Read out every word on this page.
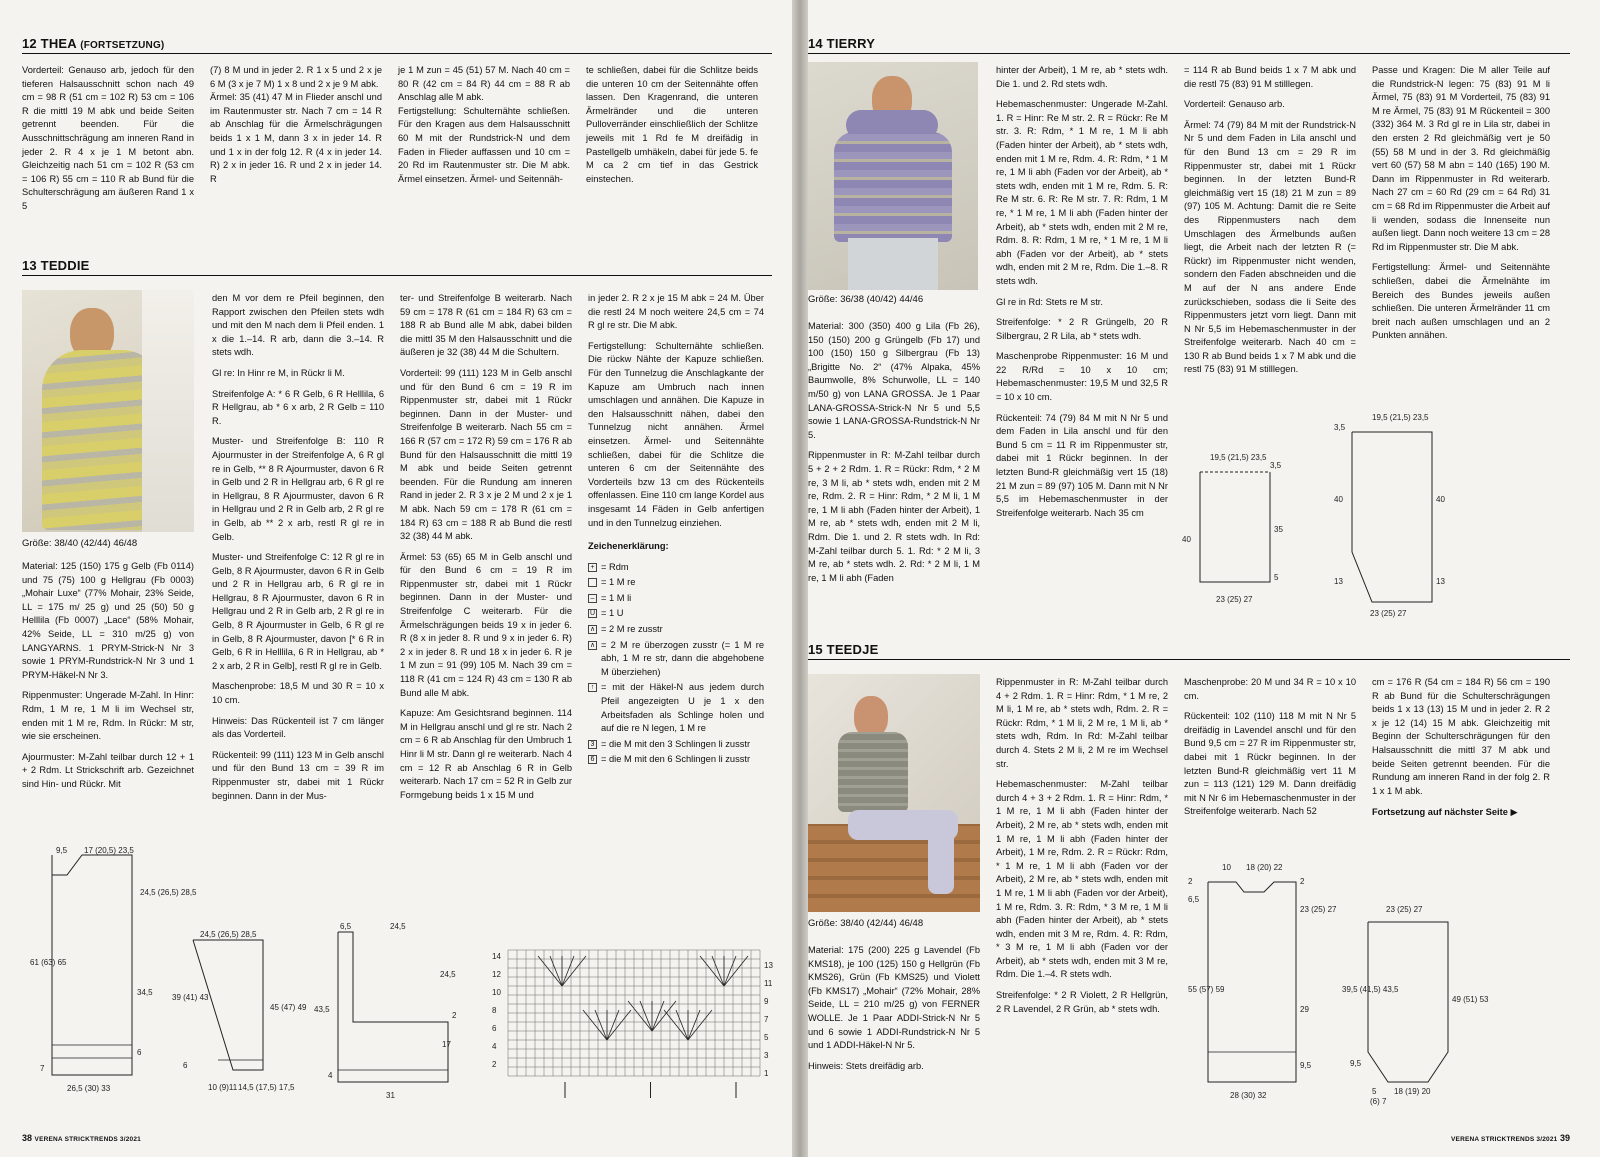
12 THEA (FORTSETZUNG)

Vorderteil: Genauso arb, jedoch für den tieferen Halsausschnitt schon nach 49 cm = 98 R (51 cm = 102 R) 53 cm = 106 R die mittl 19 M abk und beide Seiten getrennt beenden. Für die Ausschnittschrägung am inneren Rand in jeder 2. R 4 x je 1 M betont abn. Gleichzeitig nach 51 cm = 102 R (53 cm = 106 R) 55 cm = 110 R ab Bund für die Schulterschrägung am äußeren Rand 1 x 5

(7) 8 M und in jeder 2. R 1 x 5 und 2 x je 6 M (3 x je 7 M) 1 x 8 und 2 x je 9 M abk.
Ärmel: 35 (41) 47 M in Flieder anschl und im Rautenmuster str. Nach 7 cm = 14 R ab Anschlag für die Ärmelschrägungen beids 1 x 1 M, dann 3 x in jeder 14. R und 1 x in der folg 12. R (4 x in jeder 14. R) 2 x in jeder 16. R und 2 x in jeder 14. R

je 1 M zun = 45 (51) 57 M. Nach 40 cm = 80 R (42 cm = 84 R) 44 cm = 88 R ab Anschlag alle M abk.
Fertigstellung: Schulternähte schließen. Für den Kragen aus dem Halsausschnitt 60 M mit der Rundstrick-N und dem Faden in Flieder auffassen und 10 cm = 20 Rd im Rautenmuster str. Die M abk. Ärmel einsetzen. Ärmel- und Seitennäh-

te schließen, dabei für die Schlitze beids die unteren 10 cm der Seitennähte offen lassen. Den Kragenrand, die unteren Ärmelränder und die unteren Pulloverränder einschließlich der Schlitze jeweils mit 1 Rd fe M dreifädig in Pastellgelb umhäkeln, dabei für jede 5. fe M ca 2 cm tief in das Gestrick einstechen.

13 TEDDIE
Größe: 38/40 (42/44) 46/48

Material: 125 (150) 175 g Gelb (Fb 0114) und 75 (75) 100 g Hellgrau (Fb 0003) „Mohair Luxe“ (77% Mohair, 23% Seide, LL = 175 m/ 25 g) und 25 (50) 50 g Helllila (Fb 0007) „Lace“ (58% Mohair, 42% Seide, LL = 310 m/25 g) von LANGYARNS. 1 PRYM-Strick-N Nr 3 sowie 1 PRYM-Rundstrick-N Nr 3 und 1 PRYM-Häkel-N Nr 3.

Rippenmuster: Ungerade M-Zahl. In Hinr: Rdm, 1 M re, 1 M li im Wechsel str, enden mit 1 M re, Rdm. In Rückr: M str, wie sie erscheinen.

Ajourmuster: M-Zahl teilbar durch 12 + 1 + 2 Rdm. Lt Strickschrift arb. Gezeichnet sind Hin- und Rückr. Mit

den M vor dem re Pfeil beginnen, den Rapport zwischen den Pfeilen stets wdh und mit den M nach dem li Pfeil enden. 1 x die 1.–14. R arb, dann die 3.–14. R stets wdh.

Gl re: In Hinr re M, in Rückr li M.

Streifenfolge A: * 6 R Gelb, 6 R Helllila, 6 R Hellgrau, ab * 6 x arb, 2 R Gelb = 110 R.

Muster- und Streifenfolge B: 110 R Ajourmuster in der Streifenfolge A, 6 R gl re in Gelb, ** 8 R Ajourmuster, davon 6 R in Gelb und 2 R in Hellgrau arb, 6 R gl re in Hellgrau, 8 R Ajourmuster, davon 6 R in Hellgrau und 2 R in Gelb arb, 2 R gl re in Gelb, ab ** 2 x arb, restl R gl re in Gelb.

Muster- und Streifenfolge C: 12 R gl re in Gelb, 8 R Ajourmuster, davon 6 R in Gelb und 2 R in Hellgrau arb, 6 R gl re in Hellgrau, 8 R Ajourmuster, davon 6 R in Hellgrau und 2 R in Gelb arb, 2 R gl re in Gelb, 8 R Ajourmuster in Gelb, 6 R gl re in Gelb, 8 R Ajourmuster, davon [* 6 R in Gelb, 6 R in Helllila, 6 R in Hellgrau, ab * 2 x arb, 2 R in Gelb], restl R gl re in Gelb.

Maschenprobe: 18,5 M und 30 R = 10 x 10 cm.

Hinweis: Das Rückenteil ist 7 cm länger als das Vorderteil.

Rückenteil: 99 (111) 123 M in Gelb anschl und für den Bund 13 cm = 39 R im Rippenmuster str, dabei mit 1 Rückr beginnen. Dann in der Mus-

ter- und Streifenfolge B weiterarb. Nach 59 cm = 178 R (61 cm = 184 R) 63 cm = 188 R ab Bund alle M abk, dabei bilden die mittl 35 M den Halsausschnitt und die äußeren je 32 (38) 44 M die Schultern.

Vorderteil: 99 (111) 123 M in Gelb anschl und für den Bund 6 cm = 19 R im Rippenmuster str, dabei mit 1 Rückr beginnen. Dann in der Muster- und Streifenfolge B weiterarb. Nach 55 cm = 166 R (57 cm = 172 R) 59 cm = 176 R ab Bund für den Halsausschnitt die mittl 19 M abk und beide Seiten getrennt beenden. Für die Rundung am inneren Rand in jeder 2. R 3 x je 2 M und 2 x je 1 M abk. Nach 59 cm = 178 R (61 cm = 184 R) 63 cm = 188 R ab Bund die restl 32 (38) 44 M abk.

Ärmel: 53 (65) 65 M in Gelb anschl und für den Bund 6 cm = 19 R im Rippenmuster str, dabei mit 1 Rückr beginnen. Dann in der Muster- und Streifenfolge C weiterarb. Für die Ärmelschrägungen beids 19 x in jeder 6. R (8 x in jeder 8. R und 9 x in jeder 6. R) 2 x in jeder 8. R und 18 x in jeder 6. R je 1 M zun = 91 (99) 105 M. Nach 39 cm = 118 R (41 cm = 124 R) 43 cm = 130 R ab Bund alle M abk.

Kapuze: Am Gesichtsrand beginnen. 114 M in Hellgrau anschl und gl re str. Nach 2 cm = 6 R ab Anschlag für den Umbruch 1 Hinr li M str. Dann gl re weiterarb. Nach 4 cm = 12 R ab Anschlag 6 R in Gelb weiterarb. Nach 17 cm = 52 R in Gelb zur Formgebung beids 1 x 15 M und

in jeder 2. R 2 x je 15 M abk = 24 M. Über die restl 24 M noch weitere 24,5 cm = 74 R gl re str. Die M abk.

Fertigstellung: Schulternähte schließen. Die rückw Nähte der Kapuze schließen. Für den Tunnelzug die Anschlagkante der Kapuze am Umbruch nach innen umschlagen und annähen. Die Kapuze in den Halsausschnitt nähen, dabei den Tunnelzug nicht annähen. Ärmel einsetzen. Ärmel- und Seitennähte schließen, dabei für die Schlitze die unteren 6 cm der Seitennähte des Vorderteils bzw 13 cm des Rückenteils offenlassen. Eine 110 cm lange Kordel aus insgesamt 14 Fäden in Gelb anfertigen und in den Tunnelzug einziehen.

Zeichenerklärung:

+ = Rdm
= 1 M re
– = 1 M li
U = 1 U
∧ = 2 M re zusstr
∧ = 2 M re überzogen zusstr (= 1 M re abh, 1 M re str, dann die abgehobene M überziehen)
↑ = mit der Häkel-N aus jedem durch Pfeil angezeigten U je 1 x den Arbeitsfaden als Schlinge holen und auf die re N legen, 1 M re
3 = die M mit den 3 Schlingen li zusstr
6 = die M mit den 6 Schlingen li zusstr
9,5 17 (20,5) 23,5
24,5 (26,5) 28,5
61 (63) 65
34,5
6
7
26,5 (30) 33
24,5 (26,5) 28,5
39 (41) 43
45 (47) 49
6
10 (9)11 14,5 (17,5) 17,5
6,5	24,5
24,5
43,5
2
17
4
31
14
12
10
8
6
4
2
13
11
9
7
5
3
1
38 VERENA STRICKTRENDS 3/2021
14 TIERRY
Größe: 36/38 (40/42) 44/46

Material: 300 (350) 400 g Lila (Fb 26), 150 (150) 200 g Grüngelb (Fb 17) und 100 (150) 150 g Silbergrau (Fb 13) „Brigitte No. 2“ (47% Alpaka, 45% Baumwolle, 8% Schurwolle, LL = 140 m/50 g) von LANA GROSSA. Je 1 Paar LANA-GROSSA-Strick-N Nr 5 und 5,5 sowie 1 LANA-GROSSA-Rundstrick-N Nr 5.

Rippenmuster in R: M-Zahl teilbar durch 5 + 2 + 2 Rdm. 1. R = Rückr: Rdm, * 2 M re, 3 M li, ab * stets wdh, enden mit 2 M re, Rdm. 2. R = Hinr: Rdm, * 2 M li, 1 M re, 1 M li abh (Faden hinter der Arbeit), 1 M re, ab * stets wdh, enden mit 2 M li, Rdm. Die 1. und 2. R stets wdh. In Rd: M-Zahl teilbar durch 5. 1. Rd: * 2 M li, 3 M re, ab * stets wdh. 2. Rd: * 2 M li, 1 M re, 1 M li abh (Faden

hinter der Arbeit), 1 M re, ab * stets wdh. Die 1. und 2. Rd stets wdh.

Hebemaschenmuster: Ungerade M-Zahl. 1. R = Hinr: Re M str. 2. R = Rückr: Re M str. 3. R: Rdm, * 1 M re, 1 M li abh (Faden hinter der Arbeit), ab * stets wdh, enden mit 1 M re, Rdm. 4. R: Rdm, * 1 M re, 1 M li abh (Faden vor der Arbeit), ab * stets wdh, enden mit 1 M re, Rdm. 5. R: Re M str. 6. R: Re M str. 7. R: Rdm, 1 M re, * 1 M re, 1 M li abh (Faden hinter der Arbeit), ab * stets wdh, enden mit 2 M re, Rdm. 8. R: Rdm, 1 M re, * 1 M re, 1 M li abh (Faden vor der Arbeit), ab * stets wdh, enden mit 2 M re, Rdm. Die 1.–8. R stets wdh.

Gl re in Rd: Stets re M str.

Streifenfolge: * 2 R Grüngelb, 20 R Silbergrau, 2 R Lila, ab * stets wdh.

Maschenprobe Rippenmuster: 16 M und 22 R/Rd = 10 x 10 cm; Hebemaschenmuster: 19,5 M und 32,5 R = 10 x 10 cm.

Rückenteil: 74 (79) 84 M mit N Nr 5 und dem Faden in Lila anschl und für den Bund 5 cm = 11 R im Rippenmuster str, dabei mit 1 Rückr beginnen. In der letzten Bund-R gleichmäßig vert 15 (18) 21 M zun = 89 (97) 105 M. Dann mit N Nr 5,5 im Hebemaschenmuster in der Streifenfolge weiterarb. Nach 35 cm

= 114 R ab Bund beids 1 x 7 M abk und die restl 75 (83) 91 M stilllegen.

Vorderteil: Genauso arb.

Ärmel: 74 (79) 84 M mit der Rundstrick-N Nr 5 und dem Faden in Lila anschl und für den Bund 13 cm = 29 R im Rippenmuster str, dabei mit 1 Rückr beginnen. In der letzten Bund-R gleichmäßig vert 15 (18) 21 M zun = 89 (97) 105 M. Achtung: Damit die re Seite des Rippenmusters nach dem Umschlagen des Ärmelbunds außen liegt, die Arbeit nach der letzten R (= Rückr) im Rippenmuster nicht wenden, sondern den Faden abschneiden und die M auf der N ans andere Ende zurückschieben, sodass die li Seite des Rippenmusters jetzt vorn liegt. Dann mit N Nr 5,5 im Hebemaschenmuster in der Streifenfolge weiterarb. Nach 40 cm = 130 R ab Bund beids 1 x 7 M abk und die restl 75 (83) 91 M stilllegen.

Passe und Kragen: Die M aller Teile auf die Rundstrick-N legen: 75 (83) 91 M li Ärmel, 75 (83) 91 M Vorderteil, 75 (83) 91 M re Ärmel, 75 (83) 91 M Rückenteil = 300 (332) 364 M. 3 Rd gl re in Lila str, dabei in den ersten 2 Rd gleichmäßig vert je 50 (55) 58 M und in der 3. Rd gleichmäßig vert 60 (57) 58 M abn = 140 (165) 190 M. Dann im Rippenmuster in Rd weiterarb. Nach 27 cm = 60 Rd (29 cm = 64 Rd) 31 cm = 68 Rd im Rippenmuster die Arbeit auf li wenden, sodass die Innenseite nun außen liegt. Dann noch weitere 13 cm = 28 Rd im Rippenmuster str. Die M abk.

Fertigstellung: Ärmel- und Seitennähte schließen, dabei die Ärmelnähte im Bereich des Bundes jeweils außen schließen. Die unteren Ärmelränder 11 cm breit nach außen umschlagen und an 2 Punkten annähen.

19,5 (21,5) 23,5
3,5
40
35
5
23 (25) 27
19,5 (21,5) 23,5
3,5
40	40
13	13
23 (25) 27
15 TEEDJE
Größe: 38/40 (42/44) 46/48

Material: 175 (200) 225 g Lavendel (Fb KMS18), je 100 (125) 150 g Hellgrün (Fb KMS26), Grün (Fb KMS25) und Violett (Fb KMS17) „Mohair“ (72% Mohair, 28% Seide, LL = 210 m/25 g) von FERNER WOLLE. Je 1 Paar ADDI-Strick-N Nr 5 und 6 sowie 1 ADDI-Rundstrick-N Nr 5 und 1 ADDI-Häkel-N Nr 5.

Hinweis: Stets dreifädig arb.

Rippenmuster in R: M-Zahl teilbar durch 4 + 2 Rdm. 1. R = Hinr: Rdm, * 1 M re, 2 M li, 1 M re, ab * stets wdh, Rdm. 2. R = Rückr: Rdm, * 1 M li, 2 M re, 1 M li, ab * stets wdh, Rdm. In Rd: M-Zahl teilbar durch 4. Stets 2 M li, 2 M re im Wechsel str.

Hebemaschenmuster: M-Zahl teilbar durch 4 + 3 + 2 Rdm. 1. R = Hinr: Rdm, * 1 M re, 1 M li abh (Faden hinter der Arbeit), 2 M re, ab * stets wdh, enden mit 1 M re, 1 M li abh (Faden hinter der Arbeit), 1 M re, Rdm. 2. R = Rückr: Rdm, * 1 M re, 1 M li abh (Faden vor der Arbeit), 2 M re, ab * stets wdh, enden mit 1 M re, 1 M li abh (Faden vor der Arbeit), 1 M re, Rdm. 3. R: Rdm, * 3 M re, 1 M li abh (Faden hinter der Arbeit), ab * stets wdh, enden mit 3 M re, Rdm. 4. R: Rdm, * 3 M re, 1 M li abh (Faden vor der Arbeit), ab * stets wdh, enden mit 3 M re, Rdm. Die 1.–4. R stets wdh.

Streifenfolge: * 2 R Violett, 2 R Hellgrün, 2 R Lavendel, 2 R Grün, ab * stets wdh.

Maschenprobe: 20 M und 34 R = 10 x 10 cm.

Rückenteil: 102 (110) 118 M mit N Nr 5 dreifädig in Lavendel anschl und für den Bund 9,5 cm = 27 R im Rippenmuster str, dabei mit 1 Rückr beginnen. In der letzten Bund-R gleichmäßig vert 11 M zun = 113 (121) 129 M. Dann dreifädig mit N Nr 6 im Hebemaschenmuster in der Streifenfolge weiterarb. Nach 52

cm = 176 R (54 cm = 184 R) 56 cm = 190 R ab Bund für die Schulterschrägungen beids 1 x 13 (13) 15 M und in jeder 2. R 2 x je 12 (14) 15 M abk. Gleichzeitig mit Beginn der Schulterschrägungen für den Halsausschnitt die mittl 37 M abk und beide Seiten getrennt beenden. Für die Rundung am inneren Rand in der folg 2. R 1 x 1 M abk.

Fortsetzung auf nächster Seite ▶

10 18 (20) 22
2	2
6,5
23 (25) 27
55 (57) 59
29
9,5
28 (30) 32
23 (25) 27
39,5 (41,5) 43,5
49 (51) 53
9,5
5 18 (19) 20
(6) 7
VERENA STRICKTRENDS 3/2021 39
